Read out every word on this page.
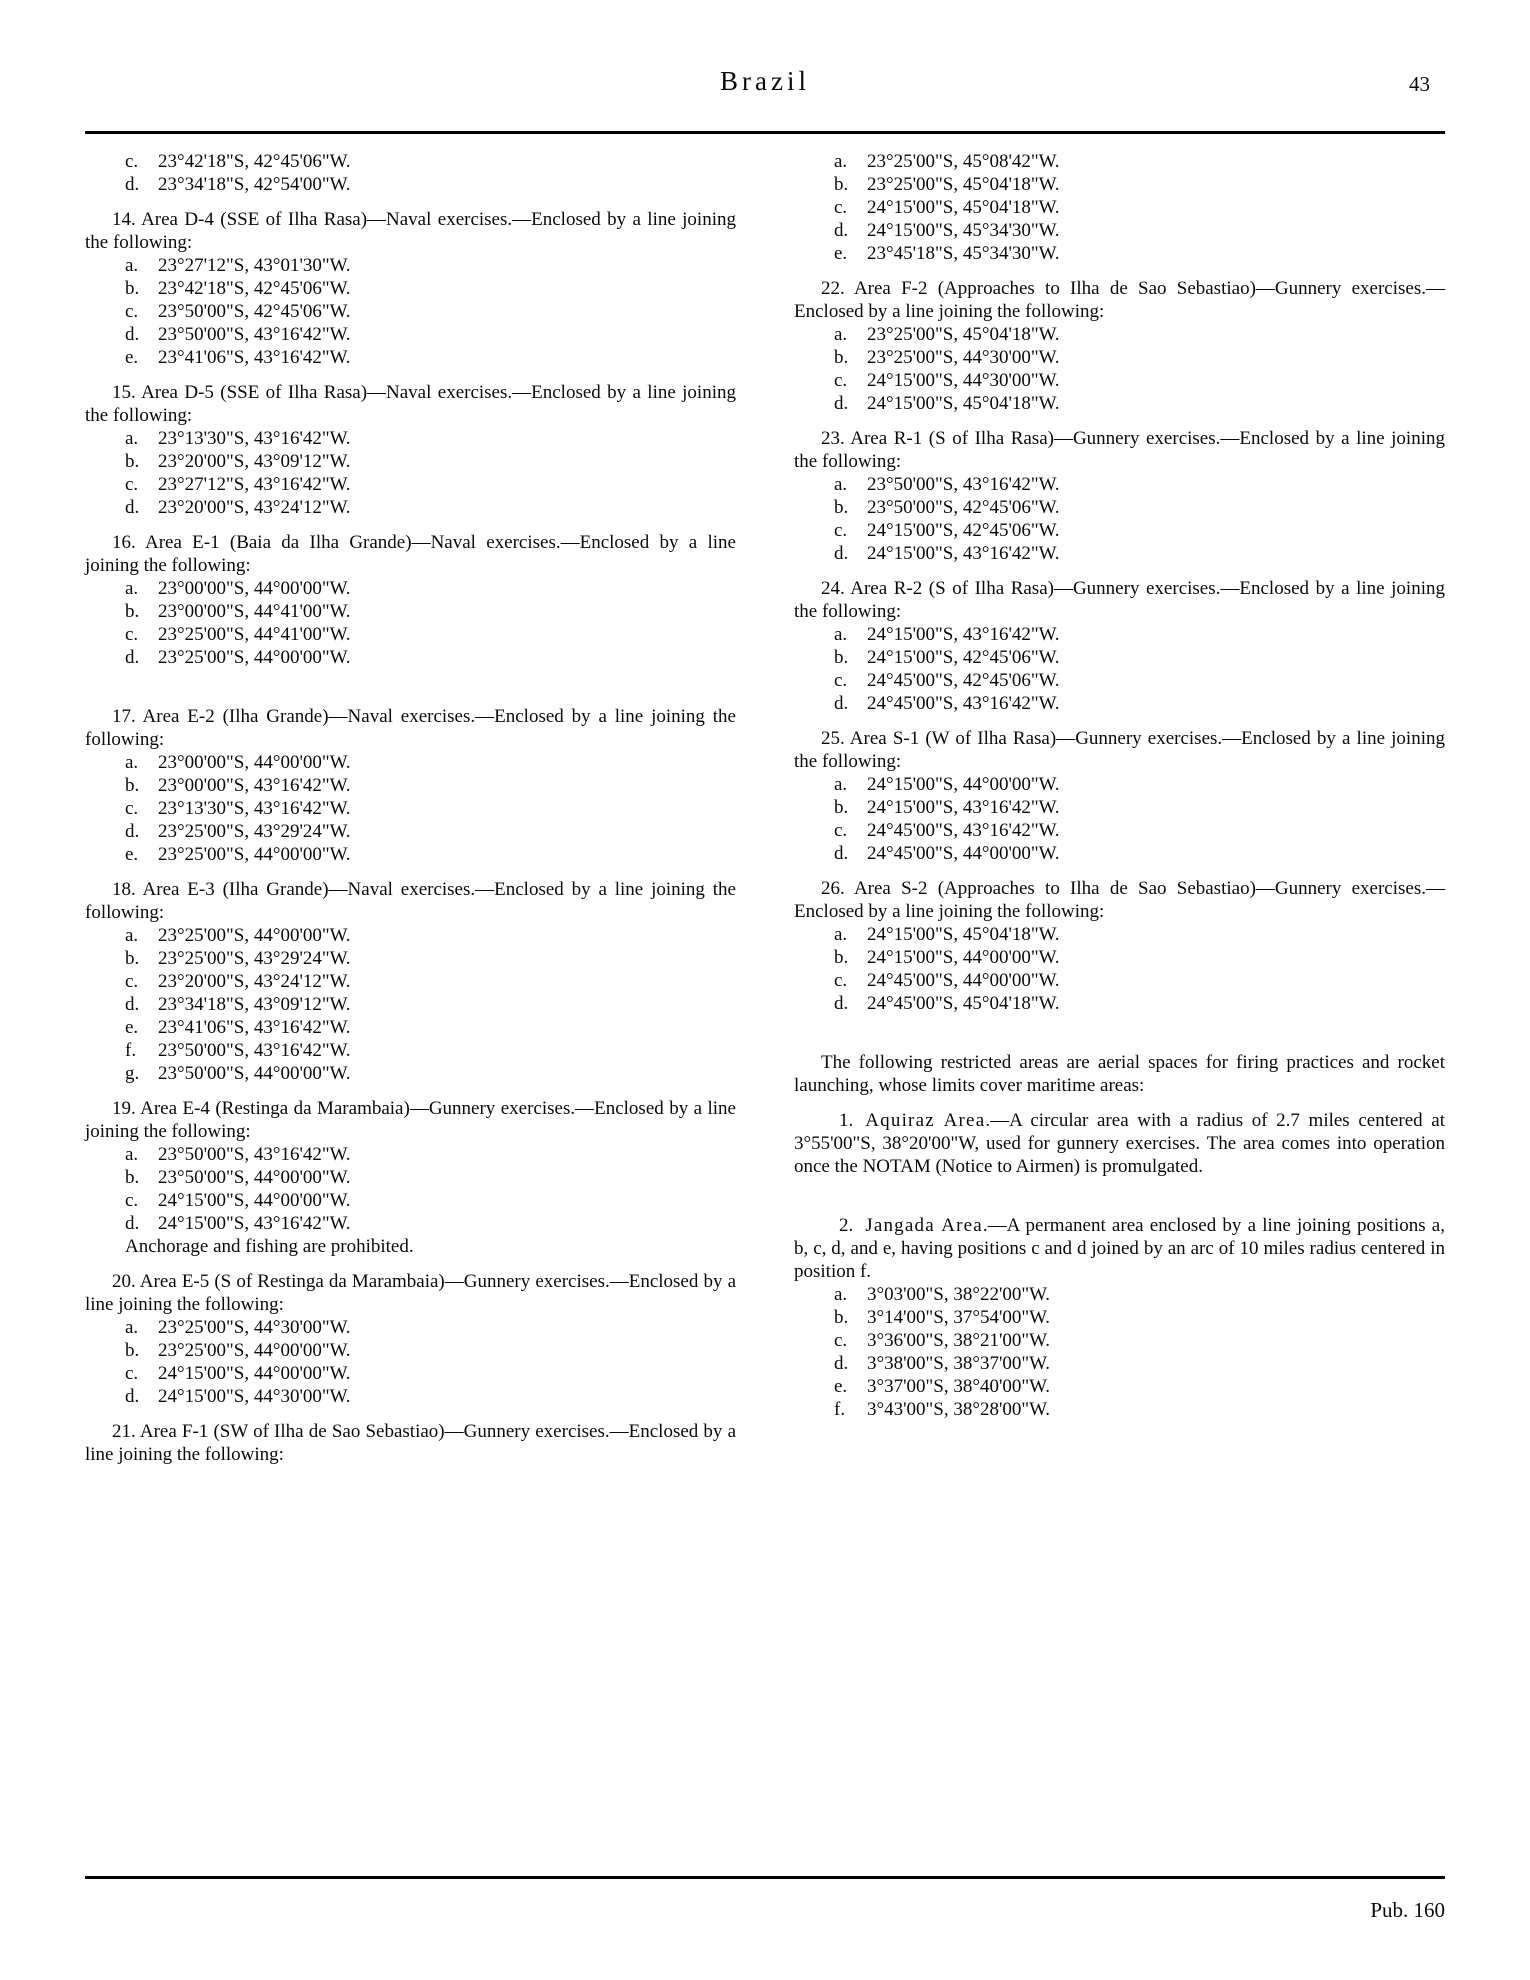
Brazil	43
c. 23°42'18"S, 42°45'06"W.
d. 23°34'18"S, 42°54'00"W.

14. Area D-4 (SSE of Ilha Rasa)—Naval exercises.—Enclosed by a line joining the following:

a. 23°27'12"S, 43°01'30"W.
b. 23°42'18"S, 42°45'06"W.
c. 23°50'00"S, 42°45'06"W.
d. 23°50'00"S, 43°16'42"W.
e. 23°41'06"S, 43°16'42"W.

15. Area D-5 (SSE of Ilha Rasa)—Naval exercises.—Enclosed by a line joining the following:

a. 23°13'30"S, 43°16'42"W.
b. 23°20'00"S, 43°09'12"W.
c. 23°27'12"S, 43°16'42"W.
d. 23°20'00"S, 43°24'12"W.

16. Area E-1 (Baia da Ilha Grande)—Naval exercises.—Enclosed by a line joining the following:

a. 23°00'00"S, 44°00'00"W.
b. 23°00'00"S, 44°41'00"W.
c. 23°25'00"S, 44°41'00"W.
d. 23°25'00"S, 44°00'00"W.

17. Area E-2 (Ilha Grande)—Naval exercises.—Enclosed by a line joining the following:

a. 23°00'00"S, 44°00'00"W.
b. 23°00'00"S, 43°16'42"W.
c. 23°13'30"S, 43°16'42"W.
d. 23°25'00"S, 43°29'24"W.
e. 23°25'00"S, 44°00'00"W.

18. Area E-3 (Ilha Grande)—Naval exercises.—Enclosed by a line joining the following:

a. 23°25'00"S, 44°00'00"W.
b. 23°25'00"S, 43°29'24"W.
c. 23°20'00"S, 43°24'12"W.
d. 23°34'18"S, 43°09'12"W.
e. 23°41'06"S, 43°16'42"W.
f. 23°50'00"S, 43°16'42"W.
g. 23°50'00"S, 44°00'00"W.

19. Area E-4 (Restinga da Marambaia)—Gunnery exercises.—Enclosed by a line joining the following:

a. 23°50'00"S, 43°16'42"W.
b. 23°50'00"S, 44°00'00"W.
c. 24°15'00"S, 44°00'00"W.
d. 24°15'00"S, 43°16'42"W.

Anchorage and fishing are prohibited.

20. Area E-5 (S of Restinga da Marambaia)—Gunnery exercises.—Enclosed by a line joining the following:

a. 23°25'00"S, 44°30'00"W.
b. 23°25'00"S, 44°00'00"W.
c. 24°15'00"S, 44°00'00"W.
d. 24°15'00"S, 44°30'00"W.

21. Area F-1 (SW of Ilha de Sao Sebastiao)—Gunnery exercises.—Enclosed by a line joining the following:

a. 23°25'00"S, 45°08'42"W.
b. 23°25'00"S, 45°04'18"W.
c. 24°15'00"S, 45°04'18"W.
d. 24°15'00"S, 45°34'30"W.
e. 23°45'18"S, 45°34'30"W.

22. Area F-2 (Approaches to Ilha de Sao Sebastiao)—Gunnery exercises.—Enclosed by a line joining the following:

a. 23°25'00"S, 45°04'18"W.
b. 23°25'00"S, 44°30'00"W.
c. 24°15'00"S, 44°30'00"W.
d. 24°15'00"S, 45°04'18"W.

23. Area R-1 (S of Ilha Rasa)—Gunnery exercises.—Enclosed by a line joining the following:

a. 23°50'00"S, 43°16'42"W.
b. 23°50'00"S, 42°45'06"W.
c. 24°15'00"S, 42°45'06"W.
d. 24°15'00"S, 43°16'42"W.

24. Area R-2 (S of Ilha Rasa)—Gunnery exercises.—Enclosed by a line joining the following:

a. 24°15'00"S, 43°16'42"W.
b. 24°15'00"S, 42°45'06"W.
c. 24°45'00"S, 42°45'06"W.
d. 24°45'00"S, 43°16'42"W.

25. Area S-1 (W of Ilha Rasa)—Gunnery exercises.—Enclosed by a line joining the following:

a. 24°15'00"S, 44°00'00"W.
b. 24°15'00"S, 43°16'42"W.
c. 24°45'00"S, 43°16'42"W.
d. 24°45'00"S, 44°00'00"W.

26. Area S-2 (Approaches to Ilha de Sao Sebastiao)—Gunnery exercises.—Enclosed by a line joining the following:

a. 24°15'00"S, 45°04'18"W.
b. 24°15'00"S, 44°00'00"W.
c. 24°45'00"S, 44°00'00"W.
d. 24°45'00"S, 45°04'18"W.

The following restricted areas are aerial spaces for firing practices and rocket launching, whose limits cover maritime areas:

1. Aquiraz Area.—A circular area with a radius of 2.7 miles centered at 3°55'00"S, 38°20'00"W, used for gunnery exercises. The area comes into operation once the NOTAM (Notice to Airmen) is promulgated.

2. Jangada Area.—A permanent area enclosed by a line joining positions a, b, c, d, and e, having positions c and d joined by an arc of 10 miles radius centered in position f.

a. 3°03'00"S, 38°22'00"W.
b. 3°14'00"S, 37°54'00"W.
c. 3°36'00"S, 38°21'00"W.
d. 3°38'00"S, 38°37'00"W.
e. 3°37'00"S, 38°40'00"W.
f. 3°43'00"S, 38°28'00"W.
Pub. 160
